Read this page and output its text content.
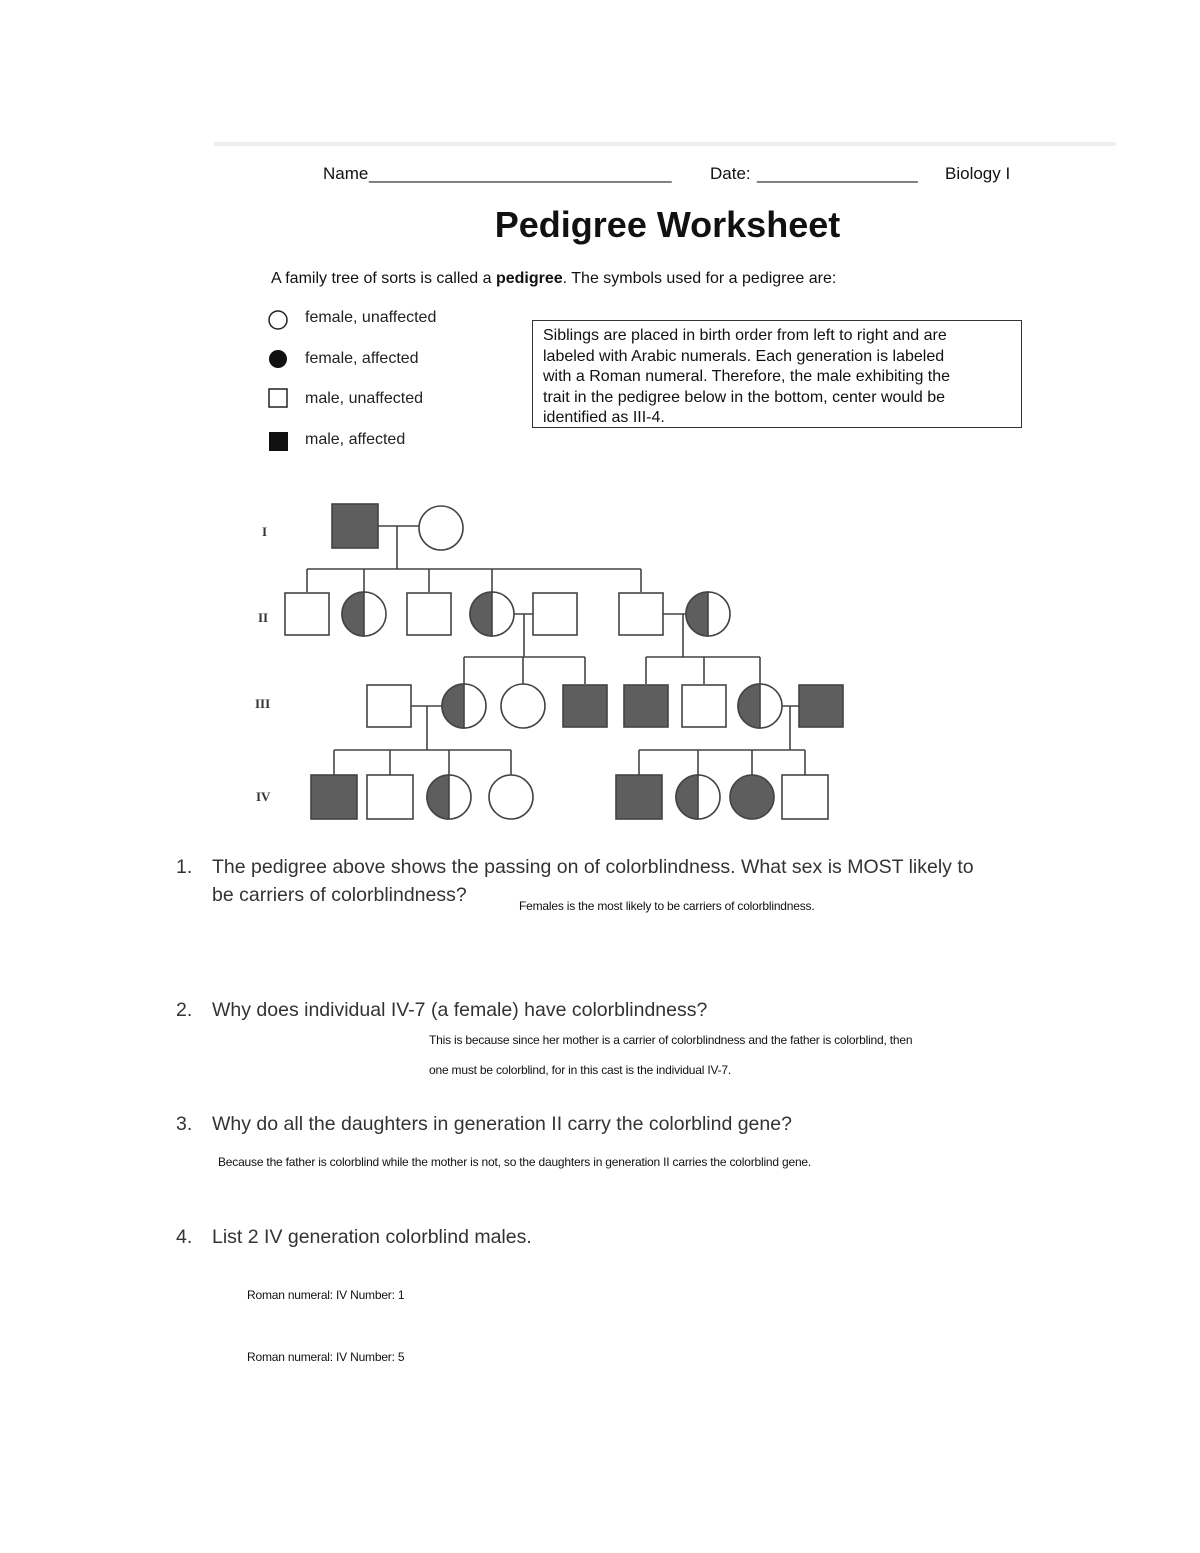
Name ________________________________ Date: _________________ Biology I
Pedigree Worksheet
A family tree of sorts is called a pedigree. The symbols used for a pedigree are:
female, unaffected
female, affected
male, unaffected
male, affected
Siblings are placed in birth order from left to right and are
labeled with Arabic numerals. Each generation is labeled
with a Roman numeral. Therefore, the male exhibiting the
trait in the pedigree below in the bottom, center would be
identified as III-4.
I
II
III
IV
1. The pedigree above shows the passing on of colorblindness. What sex is MOST likely to
be carriers of colorblindness?	Females is the most likely to be carriers of colorblindness.
2. Why does individual IV-7 (a female) have colorblindness?
This is because since her mother is a carrier of colorblindness and the father is colorblind, then
one must be colorblind, for in this cast is the individual IV-7.
3. Why do all the daughters in generation II carry the colorblind gene?
Because the father is colorblind while the mother is not, so the daughters in generation II carries the colorblind gene.
4. List 2 IV generation colorblind males.
Roman numeral: IV Number: 1
Roman numeral: IV Number: 5
